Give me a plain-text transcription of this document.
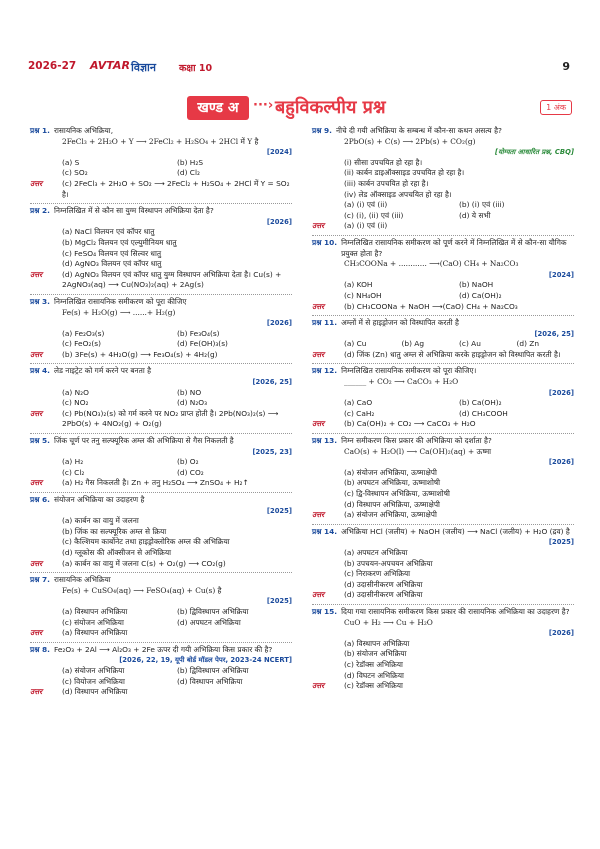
2026-27 AVTAR विज्ञान कक्षा 10	9
खण्ड अ	···› बहुविकल्पीय प्रश्न	1 अंक
प्रश्न 1. रासायनिक अभिक्रिया,
2FeCl₃ + 2H₂O + Y ⟶ 2FeCl₂ + H₂SO₄ + 2HCl में Y है
[2024]
(a) S	(b) H₂S
(c) SO₂	(d) Cl₂
उत्तर	(c) 2FeCl₃ + 2H₂O + SO₂ ⟶ 2FeCl₂ + H₂SO₄ + 2HCl में Y = SO₂ है।
प्रश्न 2. निम्नलिखित में से कौन सा युग्म विस्थापन अभिक्रिया देता है?
[2026]
(a) NaCl विलयन एवं कॉपर धातु
(b) MgCl₂ विलयन एवं एल्युमीनियम धातु
(c) FeSO₄ विलयन एवं सिल्वर धातु
(d) AgNO₃ विलयन एवं कॉपर धातु
उत्तर	(d) AgNO₃ विलयन एवं कॉपर धातु युग्म विस्थापन अभिक्रिया देता है। Cu(s) + 2AgNO₃(aq) ⟶ Cu(NO₃)₂(aq) + 2Ag(s)
प्रश्न 3. निम्नलिखित रासायनिक समीकरण को पूरा कीजिए
Fe(s) + H₂O(g) ⟶ ......+ H₂(g)
[2026]
(a) Fe₂O₃(s)	(b) Fe₃O₄(s)
(c) FeO₂(s)	(d) Fe(OH)₃(s)
उत्तर	(b) 3Fe(s) + 4H₂O(g) ⟶ Fe₃O₄(s) + 4H₂(g)
प्रश्न 4. लेड नाइट्रेट को गर्म करने पर बनता है
[2026, 25]
(a) N₂O	(b) NO
(c) NO₂	(d) N₂O₃
उत्तर	(c) Pb(NO₃)₂(s) को गर्म करने पर NO₂ प्राप्त होती है। 2Pb(NO₃)₂(s) ⟶ 2PbO(s) + 4NO₂(g) + O₂(g)
प्रश्न 5. जिंक चूर्ण पर तनु सल्फ्यूरिक अम्ल की अभिक्रिया से गैस निकलती है
[2025, 23]
(a) H₂	(b) O₂
(c) Cl₂	(d) CO₂
उत्तर	(a) H₂ गैस निकलती है। Zn + तनु H₂SO₄ ⟶ ZnSO₄ + H₂↑
प्रश्न 6. संयोजन अभिक्रिया का उदाहरण है
[2025]
(a) कार्बन का वायु में जलना
(b) जिंक का सल्फ्यूरिक अम्ल से क्रिया
(c) कैल्शियम कार्बोनेट तथा हाइड्रोक्लोरिक अम्ल की अभिक्रिया
(d) ग्लूकोस की ऑक्सीजन से अभिक्रिया
उत्तर	(a) कार्बन का वायु में जलना C(s) + O₂(g) ⟶ CO₂(g)
प्रश्न 7. रासायनिक अभिक्रिया
Fe(s) + CuSO₄(aq) ⟶ FeSO₄(aq) + Cu(s) है
[2025]
(a) विस्थापन अभिक्रिया	(b) द्विविस्थापन अभिक्रिया
(c) संयोजन अभिक्रिया	(d) अपघटन अभिक्रिया
उत्तर	(a) विस्थापन अभिक्रिया
प्रश्न 8. Fe₂O₃ + 2Al ⟶ Al₂O₃ + 2Fe ऊपर दी गयी अभिक्रिया किस प्रकार की है?
[2026, 22, 19, यूपी बोर्ड मॉडल पेपर, 2023-24 NCERT]
(a) संयोजन अभिक्रिया	(b) द्विविस्थापन अभिक्रिया
(c) वियोजन अभिक्रिया	(d) विस्थापन अभिक्रिया
उत्तर	(d) विस्थापन अभिक्रिया
प्रश्न 9. नीचे दी गयी अभिक्रिया के सम्बन्ध में कौन-सा कथन असत्य है?
2PbO(s) + C(s) ⟶ 2Pb(s) + CO₂(g)
[योग्यता आधारित प्रश्न, CBQ]
(i) सीसा उपचयित हो रहा है।
(ii) कार्बन डाइऑक्साइड उपचयित हो रहा है।
(iii) कार्बन उपचयित हो रहा है।
(iv) लेड ऑक्साइड अपचयित हो रहा है।
(a) (i) एवं (ii)	(b) (i) एवं (iii)
(c) (i), (ii) एवं (iii)	(d) ये सभी
उत्तर	(a) (i) एवं (ii)
प्रश्न 10. निम्नलिखित रासायनिक समीकरण को पूर्ण करने में निम्नलिखित में से कौन-सा यौगिक प्रयुक्त होता है?
CH₃COONa + ............ ⟶(CaO) CH₄ + Na₂CO₃
[2024]
(a) KOH	(b) NaOH
(c) NH₄OH	(d) Ca(OH)₂
उत्तर	(b) CH₃COONa + NaOH ⟶(CaO) CH₄ + Na₂CO₃
प्रश्न 11. अम्लों में से हाइड्रोजन को विस्थापित करती है
[2026, 25]
(a) Cu	(b) Ag	(c) Au	(d) Zn
उत्तर	(d) जिंक (Zn) धातु अम्ल से अभिक्रिया करके हाइड्रोजन को विस्थापित करती है।
प्रश्न 12. निम्नलिखित रासायनिक समीकरण को पूरा कीजिए।
______ + CO₂ ⟶ CaCO₃ + H₂O
[2026]
(a) CaO	(b) Ca(OH)₂
(c) CaH₂	(d) CH₃COOH
उत्तर	(b) Ca(OH)₂ + CO₂ ⟶ CaCO₃ + H₂O
प्रश्न 13. निम्न समीकरण किस प्रकार की अभिक्रिया को दर्शाता है?
CaO(s) + H₂O(l) ⟶ Ca(OH)₂(aq) + ऊष्मा
[2026]
(a) संयोजन अभिक्रिया, ऊष्माक्षेपी
(b) अपघटन अभिक्रिया, ऊष्माशोषी
(c) द्वि-विस्थापन अभिक्रिया, ऊष्माशोषी
(d) विस्थापन अभिक्रिया, ऊष्माक्षेपी
उत्तर	(a) संयोजन अभिक्रिया, ऊष्माक्षेपी
प्रश्न 14. अभिक्रिया HCl (जलीय) + NaOH (जलीय) ⟶ NaCl (जलीय) + H₂O (द्रव) है
[2025]
(a) अपघटन अभिक्रिया
(b) उपचयन-अपचयन अभिक्रिया
(c) निराकरण अभिक्रिया
(d) उदासीनीकरण अभिक्रिया
उत्तर	(d) उदासीनीकरण अभिक्रिया
प्रश्न 15. दिया गया रासायनिक समीकरण किस प्रकार की रासायनिक अभिक्रिया का उदाहरण है?
CuO + H₂ ⟶ Cu + H₂O
[2026]
(a) विस्थापन अभिक्रिया
(b) संयोजन अभिक्रिया
(c) रेडॉक्स अभिक्रिया
(d) विघटन अभिक्रिया
उत्तर	(c) रेडॉक्स अभिक्रिया
